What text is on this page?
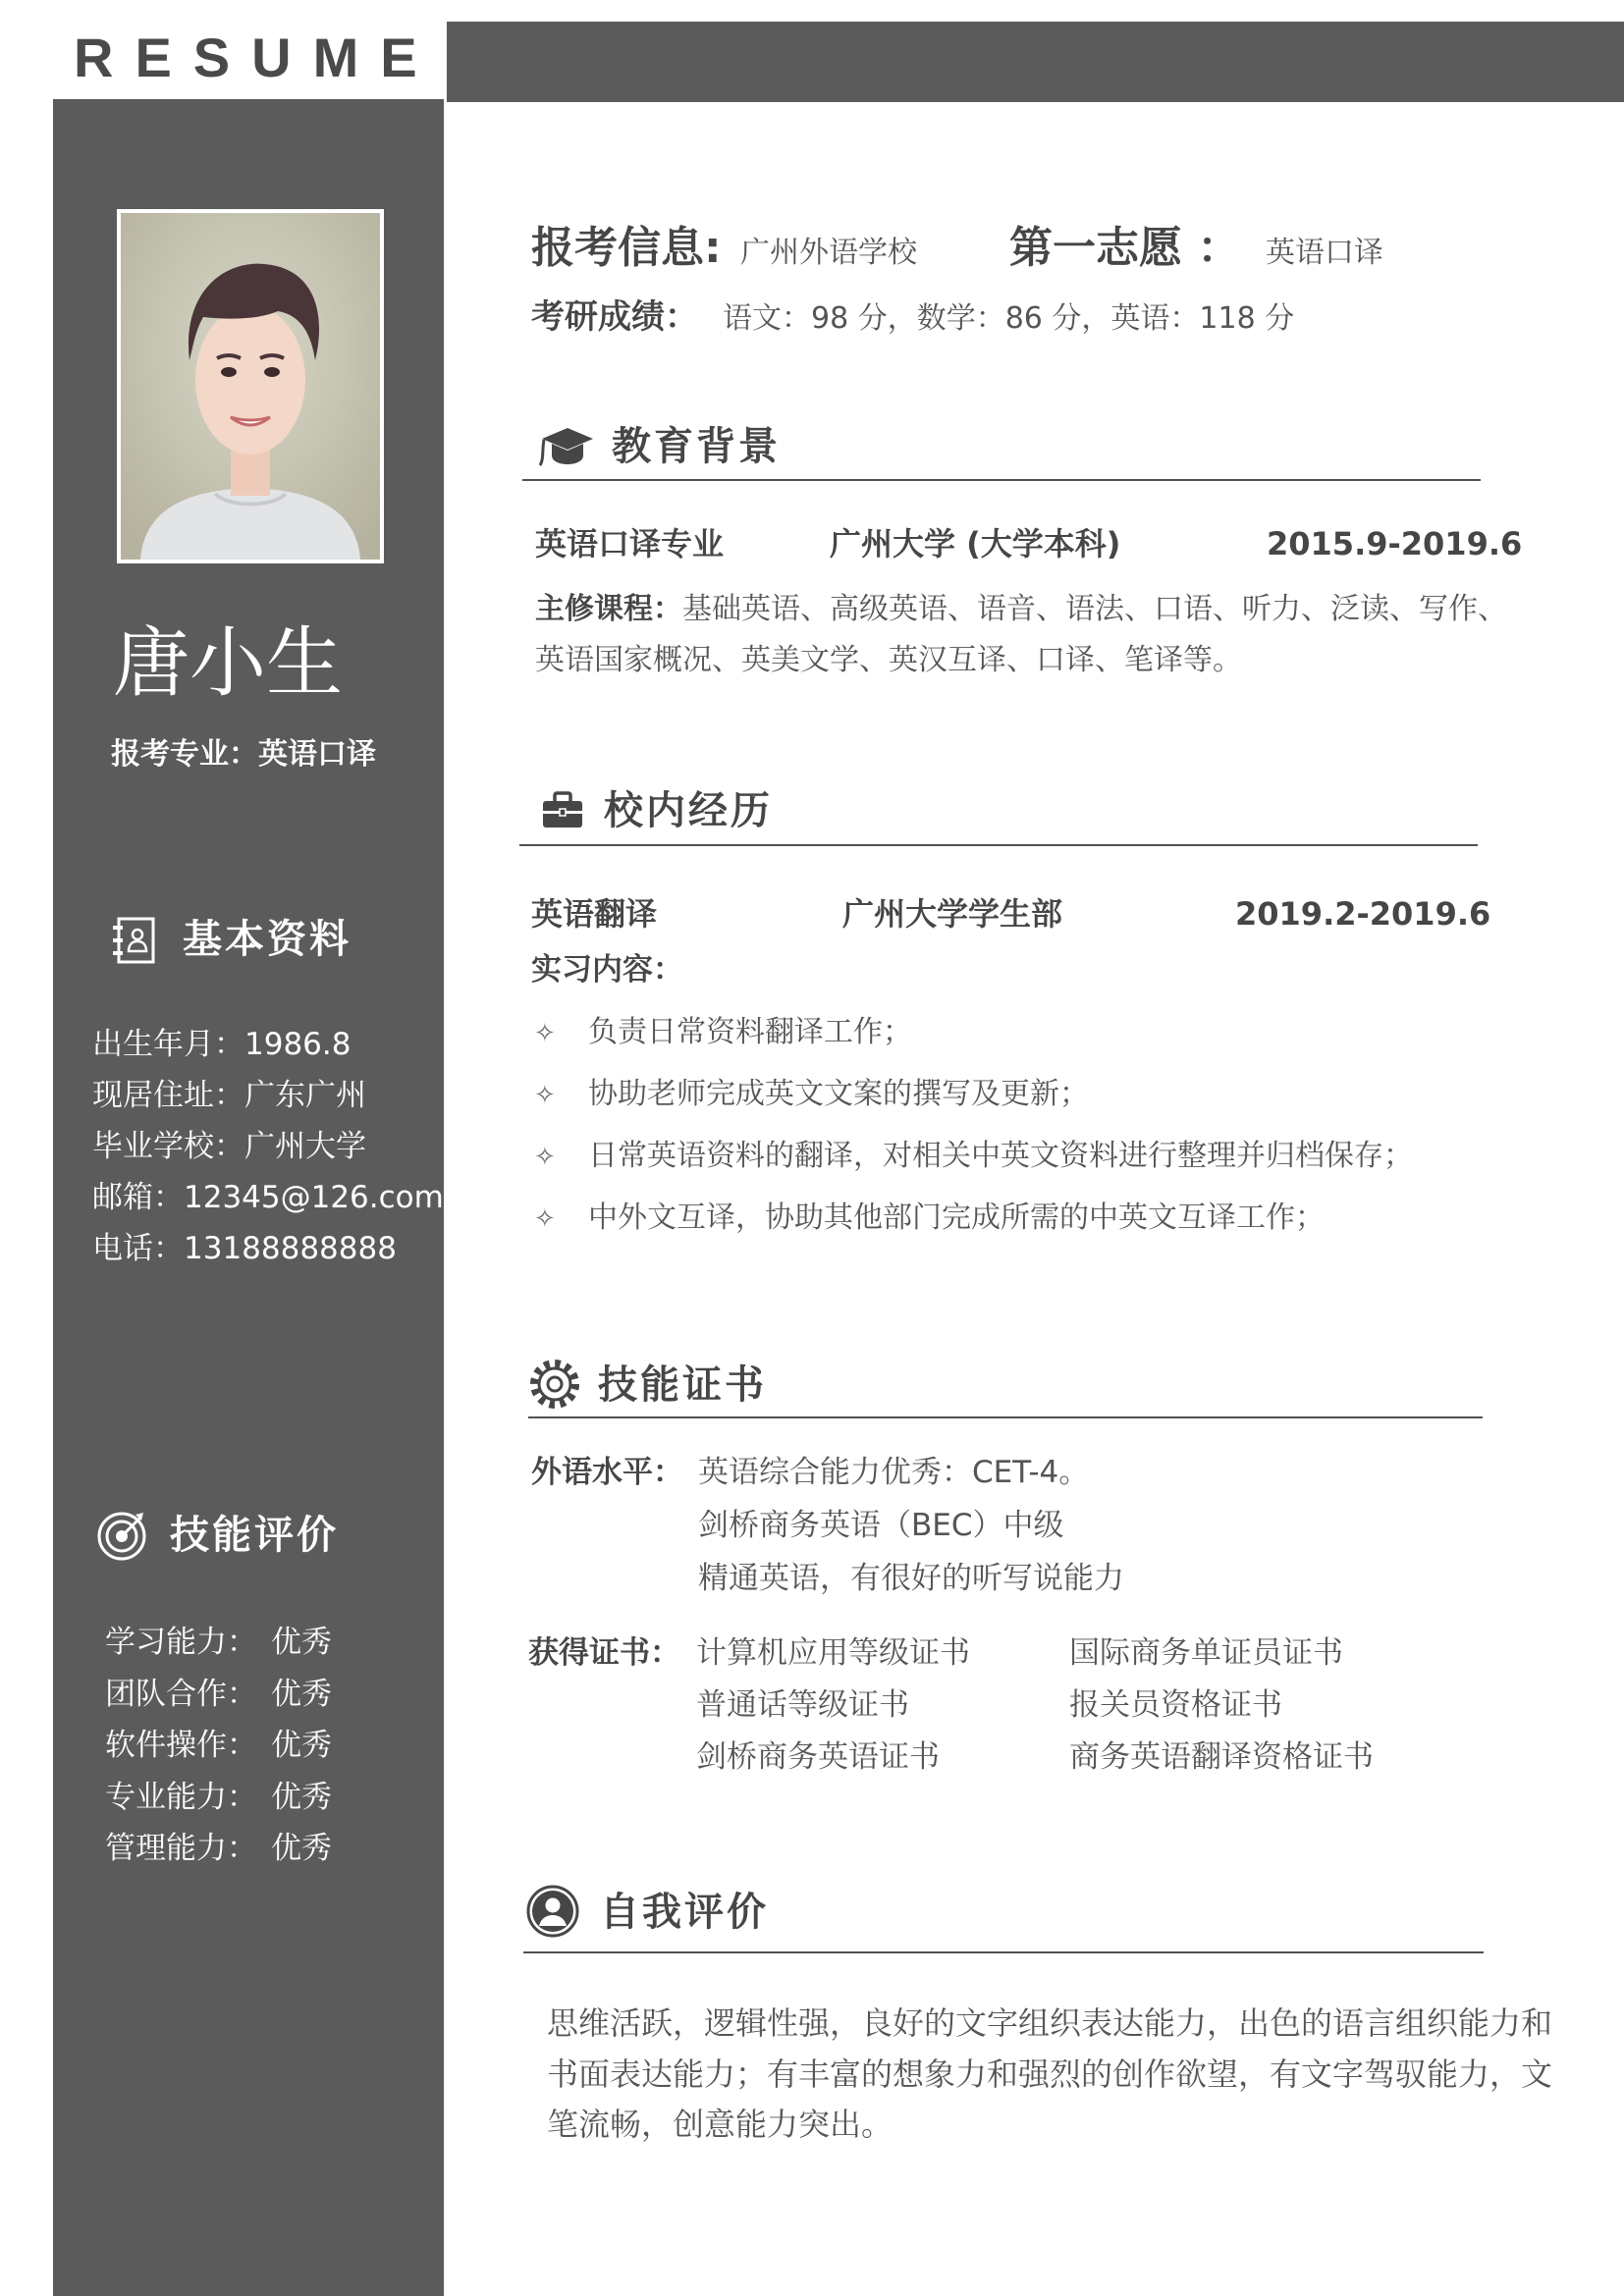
RESUME
唐小生
报考专业：英语口译
基本资料
出生年月：1986.8
现居住址：广东广州
毕业学校：广州大学
邮箱：12345@126.com
电话：13188888888
技能评价
学习能力： 优秀
团队合作： 优秀
软件操作： 优秀
专业能力： 优秀
管理能力： 优秀
报考信息: 广州外语学校	第一志愿 ： 英语口译
考研成绩： 语文：98 分，数学：86 分，英语：118 分
教育背景
英语口译专业	广州大学 (大学本科)	2015.9-2019.6
主修课程：基础英语、高级英语、语音、语法、口语、听力、泛读、写作、
英语国家概况、英美文学、英汉互译、口译、笔译等。
校内经历
英语翻译	广州大学学生部	2019.2-2019.6
实习内容：
✧ 负责日常资料翻译工作；
✧ 协助老师完成英文文案的撰写及更新；
✧ 日常英语资料的翻译，对相关中英文资料进行整理并归档保存；
✧ 中外文互译，协助其他部门完成所需的中英文互译工作；
技能证书
外语水平： 英语综合能力优秀：CET-4。
剑桥商务英语（BEC）中级
精通英语，有很好的听写说能力
获得证书： 计算机应用等级证书	国际商务单证员证书
普通话等级证书	报关员资格证书
剑桥商务英语证书	商务英语翻译资格证书
自我评价
思维活跃，逻辑性强，良好的文字组织表达能力，出色的语言组织能力和
书面表达能力；有丰富的想象力和强烈的创作欲望，有文字驾驭能力，文
笔流畅，创意能力突出。
